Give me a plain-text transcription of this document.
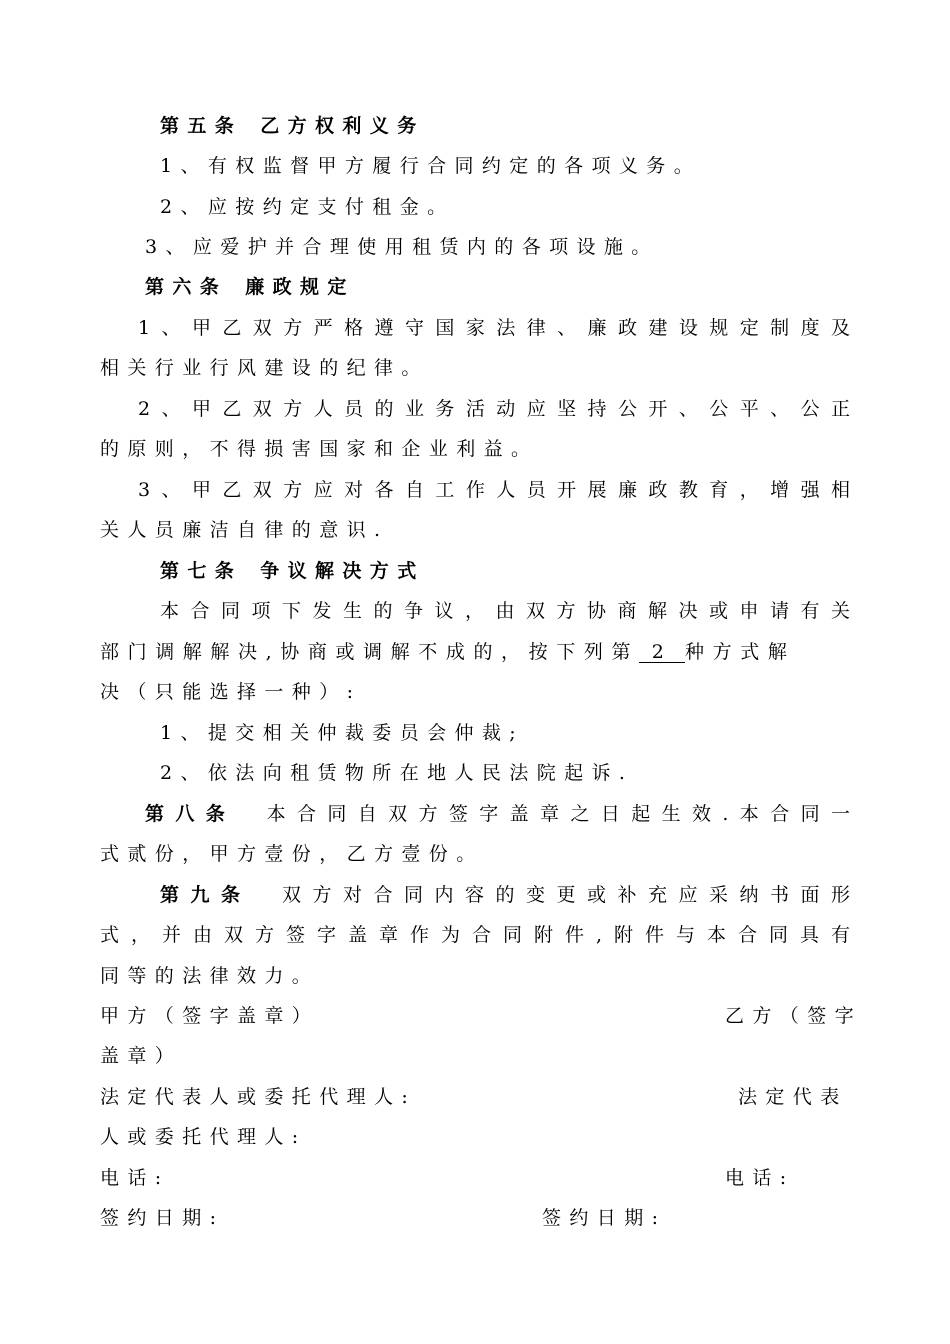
第五条 乙方权利义务
1、有权监督甲方履行合同约定的各项义务。
2、应按约定支付租金。
3、应爱护并合理使用租赁内的各项设施。
第六条 廉政规定
1、甲乙双方严格遵守国家法律、廉政建设规定制度及
相关行业行风建设的纪律。
2、甲乙双方人员的业务活动应坚持公开、公平、公正
的原则，不得损害国家和企业利益。
3、甲乙双方应对各自工作人员开展廉政教育，增强相
关人员廉洁自律的意识.
第七条 争议解决方式
本合同项下发生的争议，由双方协商解决或申请有关
部门调解解决,协商或调解不成的，按下列第 2 种方式解
决（只能选择一种）:
1、提交相关仲裁委员会仲裁;
2、依法向租赁物所在地人民法院起诉.
第八条　 本合同自双方签字盖章之日起生效.本合同一
式贰份，甲方壹份，乙方壹份。
第九条　 双方对合同内容的变更或补充应采纳书面形
式，并由双方签字盖章作为合同附件,附件与本合同具有
同等的法律效力。
甲方（签字盖章）	乙方（签字
盖章）
法定代表人或委托代理人:	法定代表
人或委托代理人:
电话:	电话:
签约日期:	签约日期:
